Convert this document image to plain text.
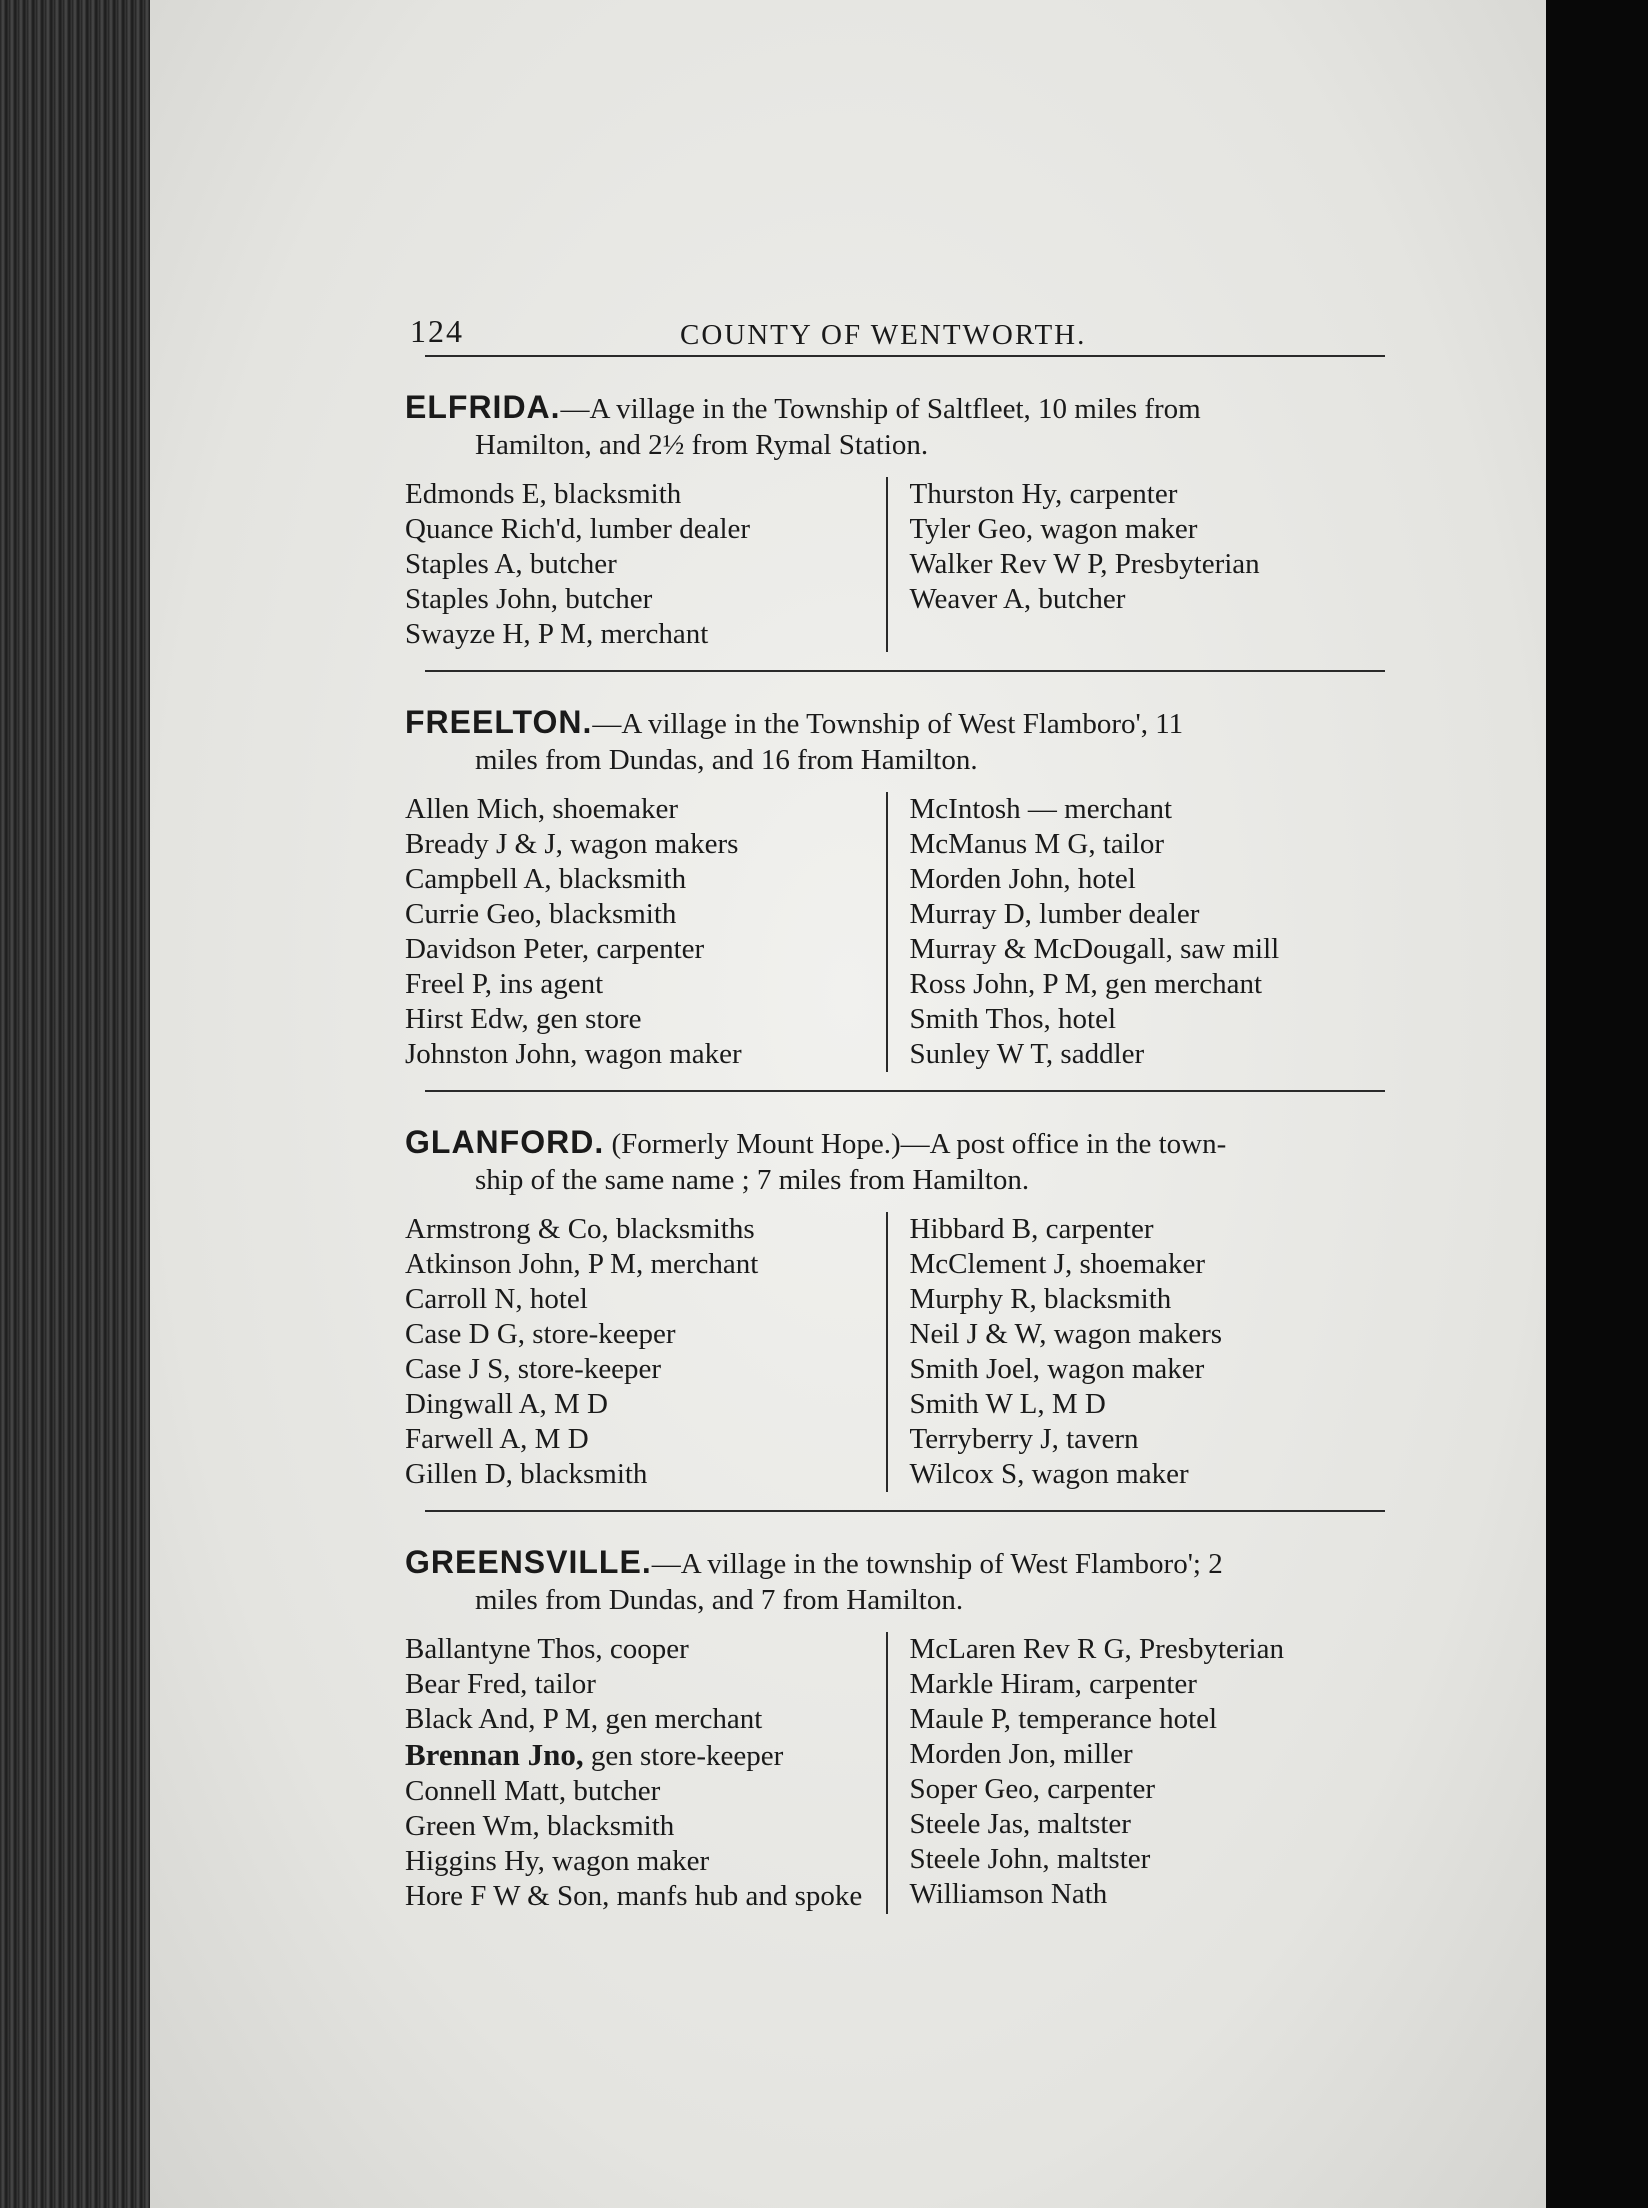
124	COUNTY OF WENTWORTH.
ELFRIDA.—A village in the Township of Saltfleet, 10 miles from
Hamilton, and 2½ from Rymal Station.
Edmonds E, blacksmith
Quance Rich'd, lumber dealer
Staples A, butcher
Staples John, butcher
Swayze H, P M, merchant
Thurston Hy, carpenter
Tyler Geo, wagon maker
Walker Rev W P, Presbyterian
Weaver A, butcher
FREELTON.—A village in the Township of West Flamboro', 11
miles from Dundas, and 16 from Hamilton.
Allen Mich, shoemaker
Bready J & J, wagon makers
Campbell A, blacksmith
Currie Geo, blacksmith
Davidson Peter, carpenter
Freel P, ins agent
Hirst Edw, gen store
Johnston John, wagon maker
McIntosh — merchant
McManus M G, tailor
Morden John, hotel
Murray D, lumber dealer
Murray & McDougall, saw mill
Ross John, P M, gen merchant
Smith Thos, hotel
Sunley W T, saddler
GLANFORD. (Formerly Mount Hope.)—A post office in the town-
ship of the same name ; 7 miles from Hamilton.
Armstrong & Co, blacksmiths
Atkinson John, P M, merchant
Carroll N, hotel
Case D G, store-keeper
Case J S, store-keeper
Dingwall A, M D
Farwell A, M D
Gillen D, blacksmith
Hibbard B, carpenter
McClement J, shoemaker
Murphy R, blacksmith
Neil J & W, wagon makers
Smith Joel, wagon maker
Smith W L, M D
Terryberry J, tavern
Wilcox S, wagon maker
GREENSVILLE.—A village in the township of West Flamboro'; 2
miles from Dundas, and 7 from Hamilton.
Ballantyne Thos, cooper
Bear Fred, tailor
Black And, P M, gen merchant
Brennan Jno, gen store-keeper
Connell Matt, butcher
Green Wm, blacksmith
Higgins Hy, wagon maker
Hore F W & Son, manfs hub and spoke
McLaren Rev R G, Presbyterian
Markle Hiram, carpenter
Maule P, temperance hotel
Morden Jon, miller
Soper Geo, carpenter
Steele Jas, maltster
Steele John, maltster
Williamson Nath
